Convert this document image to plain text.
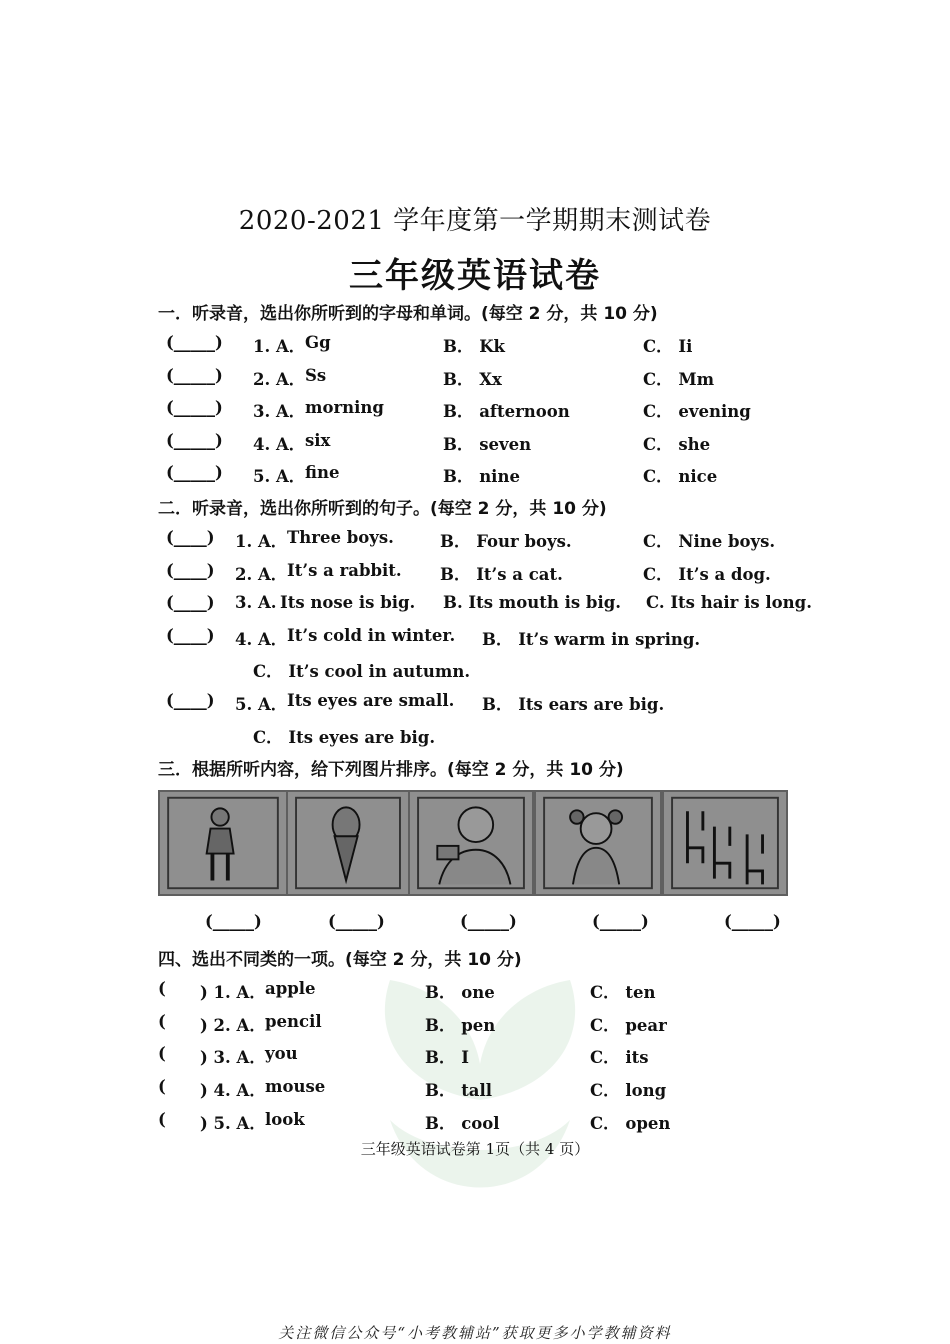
2020-2021 学年度第一学期期末测试卷
三年级英语试卷
一．听录音，选出你所听到的字母和单词。(每空 2 分，共 10 分)
(_____) 1. A． Gg	B． Kk	C． Ii
(_____) 2. A． Ss	B． Xx	C． Mm
(_____) 3. A． morning	B． afternoon	C． evening
(_____) 4. A． six	B． seven	C． she
(_____) 5. A． fine	B． nine	C． nice
二．听录音，选出你所听到的句子。(每空 2 分，共 10 分)
(____) 1. A． Three boys.	B． Four boys.	C． Nine boys.
(____) 2. A． It’s a rabbit. B． It’s a cat.	C． It’s a dog.
(____) 3. A. Its nose is big. B. Its mouth is big. C. Its hair is long.
(____) 4. A． It’s cold in winter. B． It’s warm in spring.
C． It’s cool in autumn.
(____) 5. A． Its eyes are small. B． Its ears are big.
C． Its eyes are big.
三．根据所听内容，给下列图片排序。(每空 2 分，共 10 分)
(_____)	(_____)	(_____)	(_____)	(_____)
四、选出不同类的一项。(每空 2 分，共 10 分)
( ) 1. A． apple	B． one	C． ten
( ) 2. A． pencil	B． pen	C． pear
( ) 3. A． you	B． I	C． its
( ) 4. A． mouse	B． tall	C． long
( ) 5. A． look	B． cool	C． open
三年级英语试卷第 1页（共 4 页）
关注微信公众号“小考教辅站”获取更多小学教辅资料
